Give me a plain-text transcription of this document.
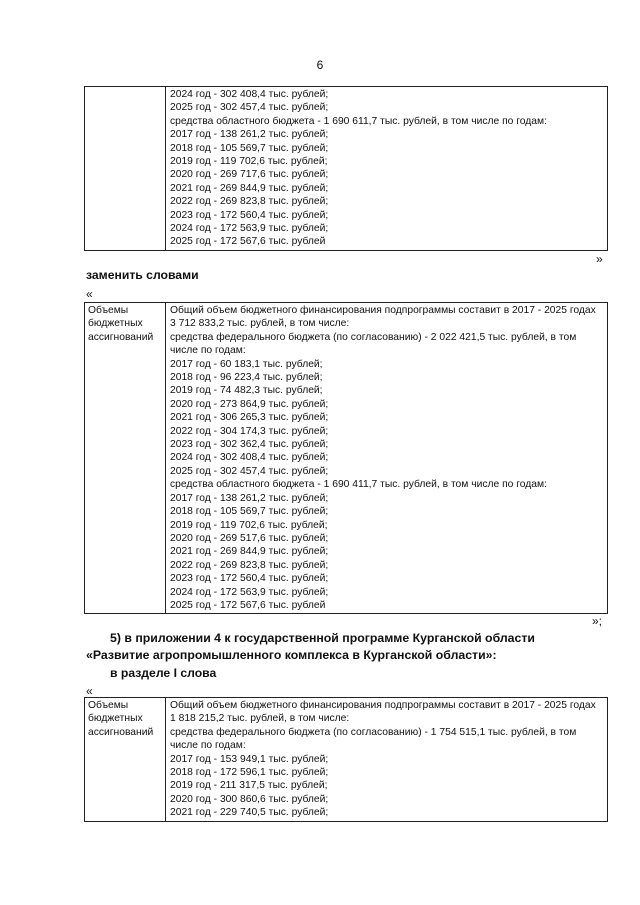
6

2024 год - 302 408,4 тыс. рублей;
2025 год - 302 457,4 тыс. рублей;
средства областного бюджета - 1 690 611,7 тыс. рублей, в том числе по годам:
2017 год - 138 261,2 тыс. рублей;
2018 год - 105 569,7 тыс. рублей;
2019 год - 119 702,6 тыс. рублей;
2020 год - 269 717,6 тыс. рублей;
2021 год - 269 844,9 тыс. рублей;
2022 год - 269 823,8 тыс. рублей;
2023 год - 172 560,4 тыс. рублей;
2024 год - 172 563,9 тыс. рублей;
2025 год - 172 567,6 тыс. рублей
»
заменить словами
«
Объемы бюджетных ассигнований	
Общий объем бюджетного финансирования подпрограммы составит в 2017 - 2025 годах 3 712 833,2 тыс. рублей, в том числе:
средства федерального бюджета (по согласованию) - 2 022 421,5 тыс. рублей, в том числе по годам:
2017 год - 60 183,1 тыс. рублей;
2018 год - 96 223,4 тыс. рублей;
2019 год - 74 482,3 тыс. рублей;
2020 год - 273 864,9 тыс. рублей;
2021 год - 306 265,3 тыс. рублей;
2022 год - 304 174,3 тыс. рублей;
2023 год - 302 362,4 тыс. рублей;
2024 год - 302 408,4 тыс. рублей;
2025 год - 302 457,4 тыс. рублей;
средства областного бюджета - 1 690 411,7 тыс. рублей, в том числе по годам:
2017 год - 138 261,2 тыс. рублей;
2018 год - 105 569,7 тыс. рублей;
2019 год - 119 702,6 тыс. рублей;
2020 год - 269 517,6 тыс. рублей;
2021 год - 269 844,9 тыс. рублей;
2022 год - 269 823,8 тыс. рублей;
2023 год - 172 560,4 тыс. рублей;
2024 год - 172 563,9 тыс. рублей;
2025 год - 172 567,6 тыс. рублей
»;
5) в приложении 4 к государственной программе Курганской области
«Развитие агропромышленного комплекса в Курганской области»:
в разделе I слова
«
Объемы бюджетных ассигнований	
Общий объем бюджетного финансирования подпрограммы составит в 2017 - 2025 годах 1 818 215,2 тыс. рублей, в том числе:
средства федерального бюджета (по согласованию) - 1 754 515,1 тыс. рублей, в том числе по годам:
2017 год - 153 949,1 тыс. рублей;
2018 год - 172 596,1 тыс. рублей;
2019 год - 211 317,5 тыс. рублей;
2020 год - 300 860,6 тыс. рублей;
2021 год - 229 740,5 тыс. рублей;
